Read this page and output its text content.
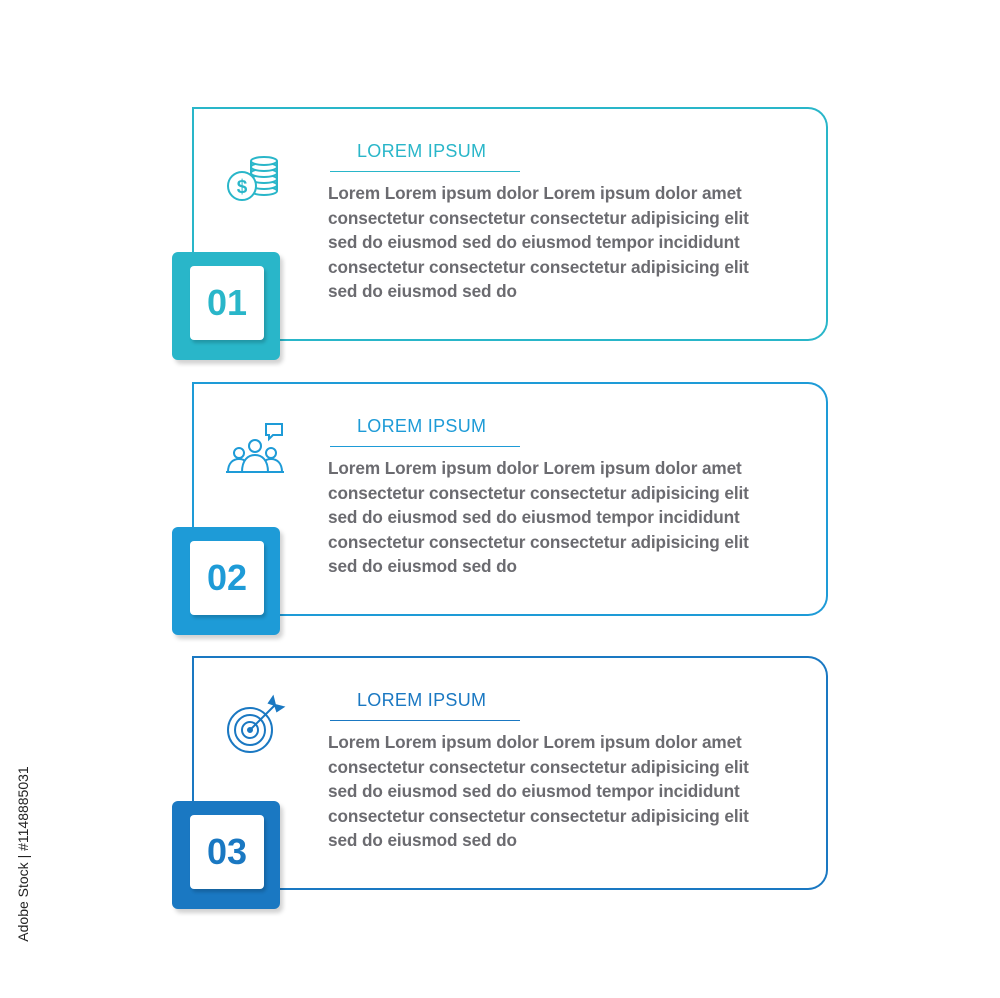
$
LOREM IPSUM

Lorem Lorem ipsum dolor Lorem ipsum dolor amet
consectetur consectetur consectetur adipisicing elit
sed do eiusmod sed do eiusmod tempor incididunt
consectetur consectetur consectetur adipisicing elit
sed do eiusmod sed do

01
LOREM IPSUM

Lorem Lorem ipsum dolor Lorem ipsum dolor amet
consectetur consectetur consectetur adipisicing elit
sed do eiusmod sed do eiusmod tempor incididunt
consectetur consectetur consectetur adipisicing elit
sed do eiusmod sed do

02
LOREM IPSUM

Lorem Lorem ipsum dolor Lorem ipsum dolor amet
consectetur consectetur consectetur adipisicing elit
sed do eiusmod sed do eiusmod tempor incididunt
consectetur consectetur consectetur adipisicing elit
sed do eiusmod sed do

03
Adobe Stock | #1148885031
